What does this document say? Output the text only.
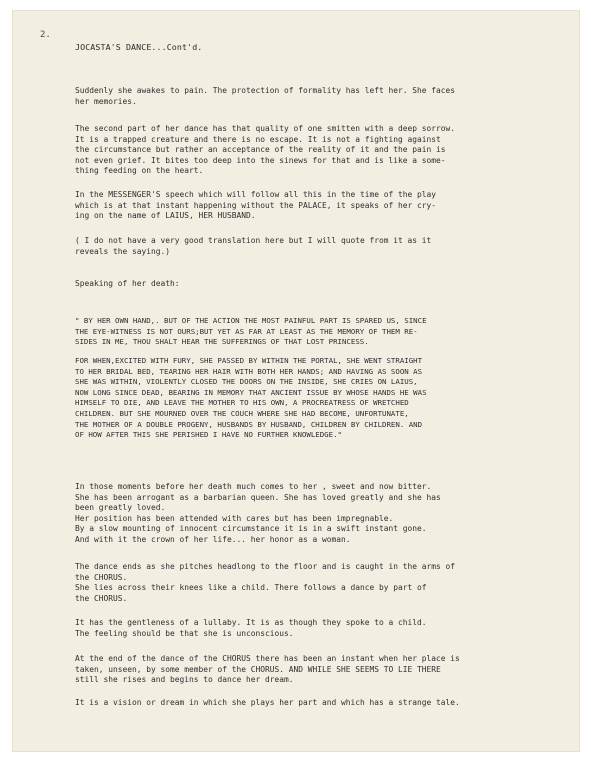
2.
JOCASTA'S DANCE...Cont'd.
Suddenly she awakes to pain. The protection of formality has left her. She faces
her memories.
The second part of her dance has that quality of one smitten with a deep sorrow.
It is a trapped creature and there is no escape. It is not a fighting against
the circumstance but rather an acceptance of the reality of it and the pain is
not even grief. It bites too deep into the sinews for that and is like a some-
thing feeding on the heart.
In the MESSENGER'S speech which will follow all this in the time of the play
which is at that instant happening without the PALACE, it speaks of her cry-
ing on the name of LAIUS, HER HUSBAND.
( I do not have a very good translation here but I will quote from it as it
reveals the saying.)
Speaking of her death:
" BY HER OWN HAND,. BUT OF THE ACTION THE MOST PAINFUL PART IS SPARED US, SINCE
THE EYE-WITNESS IS NOT OURS;BUT YET AS FAR AT LEAST AS THE MEMORY OF THEM RE-
SIDES IN ME, THOU SHALT HEAR THE SUFFERINGS OF THAT LOST PRINCESS.
FOR WHEN,EXCITED WITH FURY, SHE PASSED BY WITHIN THE PORTAL, SHE WENT STRAIGHT
TO HER BRIDAL BED, TEARING HER HAIR WITH BOTH HER HANDS; AND HAVING AS SOON AS
SHE WAS WITHIN, VIOLENTLY CLOSED THE DOORS ON THE INSIDE, SHE CRIES ON LAIUS,
NOW LONG SINCE DEAD, BEARING IN MEMORY THAT ANCIENT ISSUE BY WHOSE HANDS HE WAS
HIMSELF TO DIE, AND LEAVE THE MOTHER TO HIS OWN, A PROCREATRESS OF WRETCHED
CHILDREN. BUT SHE MOURNED OVER THE COUCH WHERE SHE HAD BECOME, UNFORTUNATE,
THE MOTHER OF A DOUBLE PROGENY, HUSBANDS BY HUSBAND, CHILDREN BY CHILDREN. AND
OF HOW AFTER THIS SHE PERISHED I HAVE NO FURTHER KNOWLEDGE."
In those moments before her death much comes to her , sweet and now bitter.
She has been arrogant as a barbarian queen. She has loved greatly and she has
been greatly loved.
Her position has been attended with cares but has been impregnable.
By a slow mounting of innocent circumstance it is in a swift instant gone.
And with it the crown of her life... her honor as a woman.
The dance ends as she pitches headlong to the floor and is caught in the arms of
the CHORUS.
She lies across their knees like a child. There follows a dance by part of
the CHORUS.
It has the gentleness of a lullaby. It is as though they spoke to a child.
The feeling should be that she is unconscious.
At the end of the dance of the CHORUS there has been an instant when her place is
taken, unseen, by some member of the CHORUS. AND WHILE SHE SEEMS TO LIE THERE
still she rises and begins to dance her dream.
It is a vision or dream in which she plays her part and which has a strange tale.
